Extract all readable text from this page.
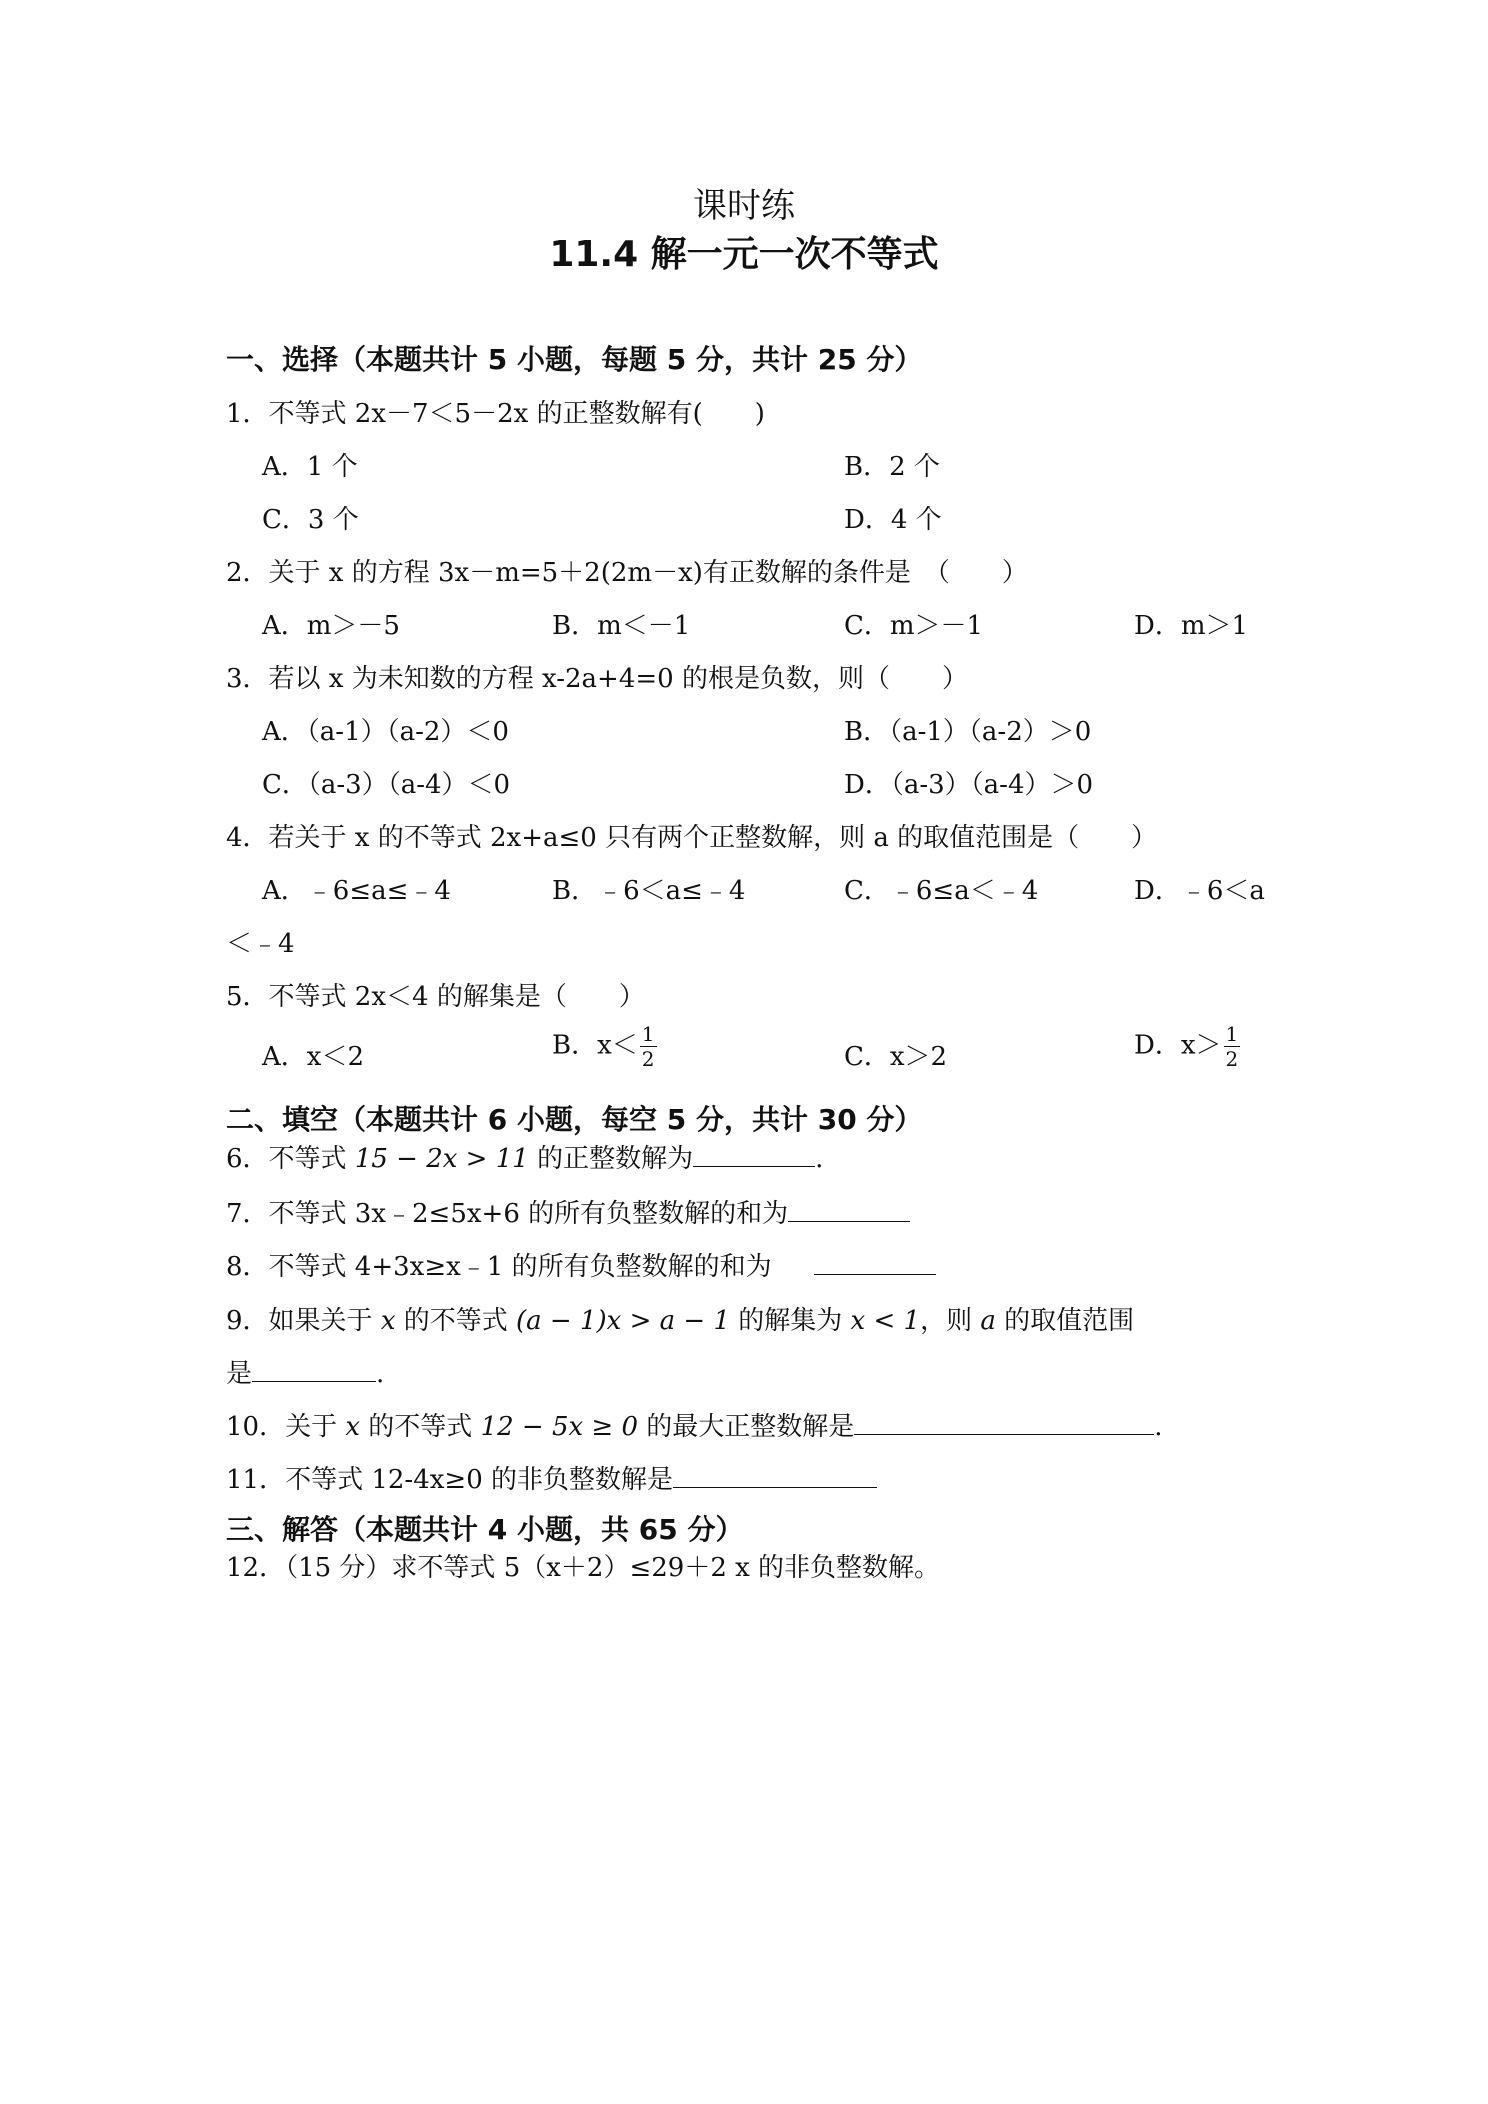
课时练
11.4 解一元一次不等式
一、选择（本题共计 5 小题，每题 5 分，共计 25 分）
1．不等式 2x－7＜5－2x 的正整数解有(　　)
A．1 个	B．2 个
C．3 个	D．4 个
2．关于 x 的方程 3x－m=5＋2(2m－x)有正数解的条件是　（　　）
A．m＞－5	B．m＜－1	C．m＞－1	D．m＞1
3．若以 x 为未知数的方程 x-2a+4=0 的根是负数，则（　　）
A．（a-1）（a-2）＜0	B．（a-1）（a-2）＞0
C．（a-3）（a-4）＜0	D．（a-3）（a-4）＞0
4．若关于 x 的不等式 2x+a≤0 只有两个正整数解，则 a 的取值范围是（　　）
A．﹣6≤a≤﹣4	B．﹣6＜a≤﹣4	C．﹣6≤a＜﹣4	D．﹣6＜a
＜﹣4
5．不等式 2x＜4 的解集是（　　）
A．x＜2	B．$x< \frac{1}{2}$	C．x＞2	D．$x> \frac{1}{2}$
二、填空（本题共计 6 小题，每空 5 分，共计 30 分）
6．不等式 15 − 2x > 11 的正整数解为	.
7．不等式 3x﹣2≤5x+6 的所有负整数解的和为
8．不等式 4+3x≥x﹣1 的所有负整数解的和为
9．如果关于 x 的不等式 (a − 1)x > a − 1 的解集为 x < 1，则 a 的取值范围
是	.
10．关于 x 的不等式 12 − 5x ≥ 0 的最大正整数解是	.
11．不等式 12-4x≥0 的非负整数解是
三、解答（本题共计 4 小题，共 65 分）
12．（15 分）求不等式 5（x＋2）≤29＋2 x 的非负整数解。
